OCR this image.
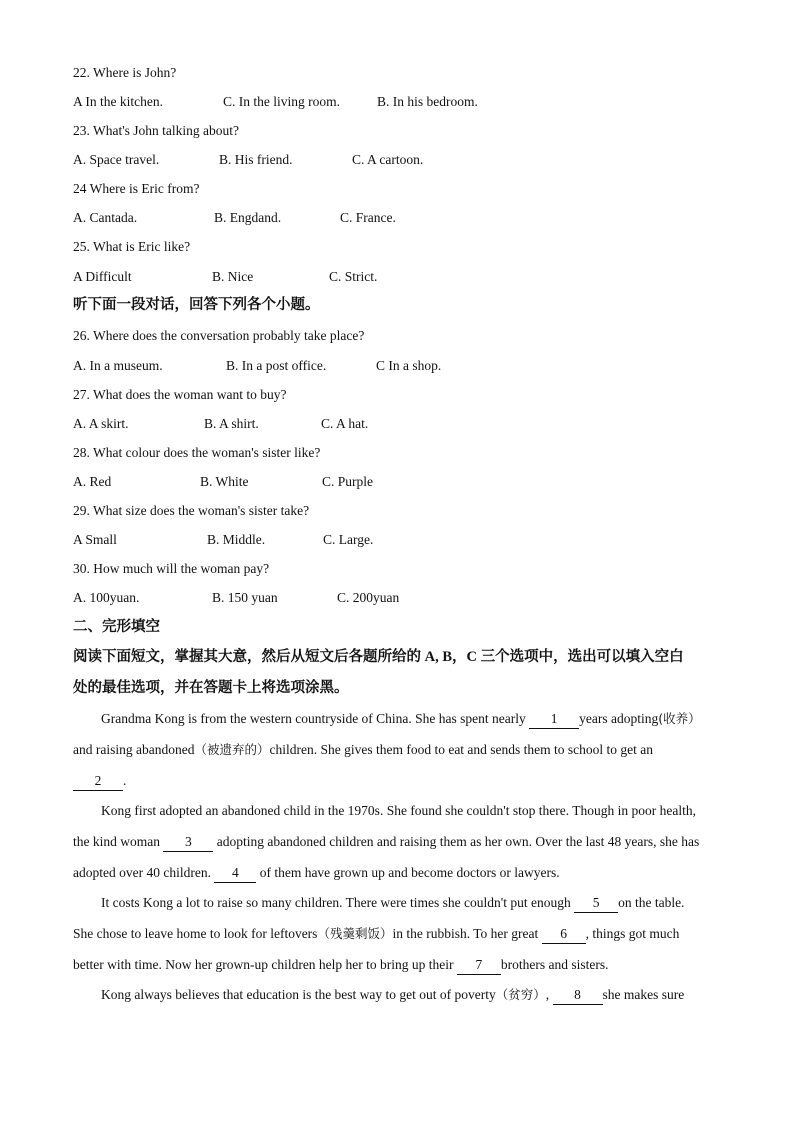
22. Where is John?
A In the kitchen.	C. In the living room.	B. In his bedroom.
23. What's John talking about?
A. Space travel.	B. His friend.	C. A cartoon.
24 Where is Eric from?
A. Cantada.	B. Engdand.	C. France.
25. What is Eric like?
A Difficult	B. Nice	C. Strict.
26. Where does the conversation probably take place?
A. In a museum.	B. In a post office.	C In a shop.
27. What does the woman want to buy?
A. A skirt.	B. A shirt.	C. A hat.
28. What colour does the woman's sister like?
A. Red	B. White	C. Purple
29. What size does the woman's sister take?
A Small	B. Middle.	C. Large.
30. How much will the woman pay?
A. 100yuan.	B. 150 yuan	C. 200yuan
听下面一段对话，回答下列各个小题。
二、完形填空
阅读下面短文，掌握其大意，然后从短文后各题所给的 A, B，C 三个选项中，选出可以填入空白
处的最佳选项，并在答题卡上将选项涂黑。
Grandma Kong is from the western countryside of China. She has spent nearly 1 years adopting(收养）
and raising abandoned（被遗弃的）children. She gives them food to eat and sends them to school to get an
2 .
Kong first adopted an abandoned child in the 1970s. She found she couldn't stop there. Though in poor health,
the kind woman 3 adopting abandoned children and raising them as her own. Over the last 48 years, she has
adopted over 40 children. 4 of them have grown up and become doctors or lawyers.
It costs Kong a lot to raise so many children. There were times she couldn't put enough 5 on the table.
She chose to leave home to look for leftovers（残羹剩饭）in the rubbish. To her great 6 , things got much
better with time. Now her grown-up children help her to bring up their 7 brothers and sisters.
Kong always believes that education is the best way to get out of poverty（贫穷）, 8 she makes sure
